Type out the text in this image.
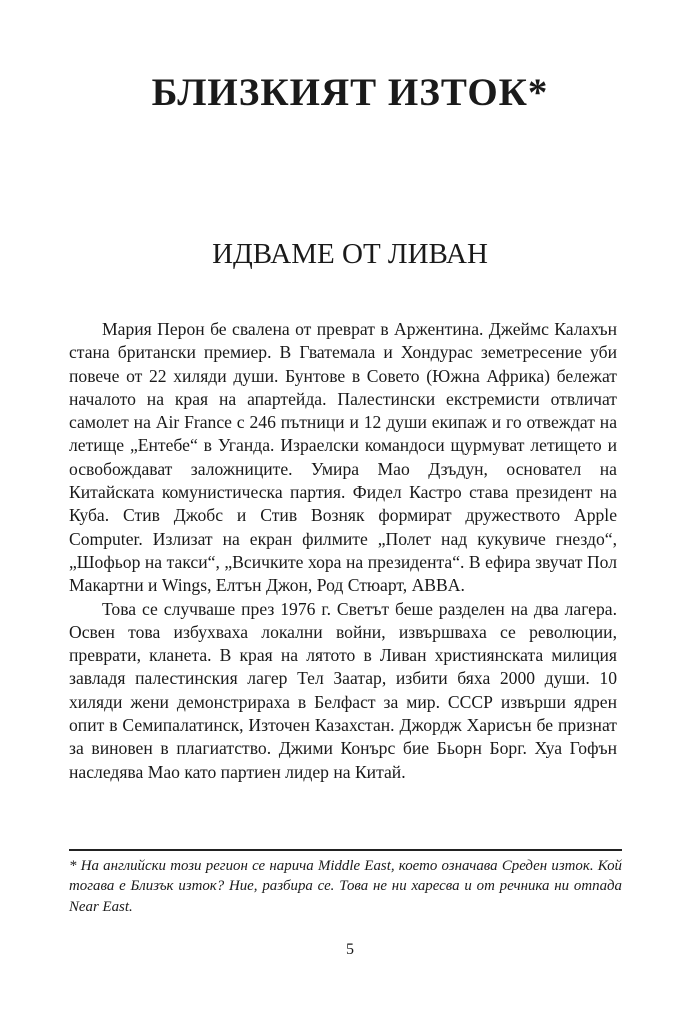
БЛИЗКИЯТ ИЗТОК*
ИДВАМЕ ОТ ЛИВАН

Мария Перон бе свалена от преврат в Аржентина. Джеймс Калахън стана британски премиер. В Гватемала и Хондурас земетресение уби повече от 22 хиляди души. Бунтове в Совето (Южна Африка) бележат началото на края на апартейда. Палестински екстремисти отвличат самолет на Air France с 246 пътници и 12 души екипаж и го отвеждат на летище „Ентебе“ в Уганда. Израелски командоси щурмуват летището и освобождават заложниците. Умира Мао Дзъдун, основател на Китайската комунистическа партия. Фидел Кастро става президент на Куба. Стив Джобс и Стив Возняк формират дружеството Apple Computer. Излизат на екран филмите „Полет над кукувиче гнездо“, „Шофьор на такси“, „Всичките хора на президента“. В ефира звучат Пол Макартни и Wings, Елтън Джон, Род Стюарт, ABBA.

Това се случваше през 1976 г. Светът беше разделен на два лагера. Освен това избухваха локални войни, извършваха се революции, преврати, кланета. В края на лятото в Ливан християнската милиция завладя палестинския лагер Тел Заатар, избити бяха 2000 души. 10 хиляди жени демонстрираха в Белфаст за мир. СССР извърши ядрен опит в Семипалатинск, Източен Казахстан. Джордж Харисън бе признат за виновен в плагиатство. Джими Конърс бие Бьорн Борг. Хуа Гофън наследява Мао като партиен лидер на Китай.

* На английски този регион се нарича Middle East, което означава Среден изток. Кой тогава е Близък изток? Ние, разбира се. Това не ни харесва и от речника ни отпада Near East.

5
